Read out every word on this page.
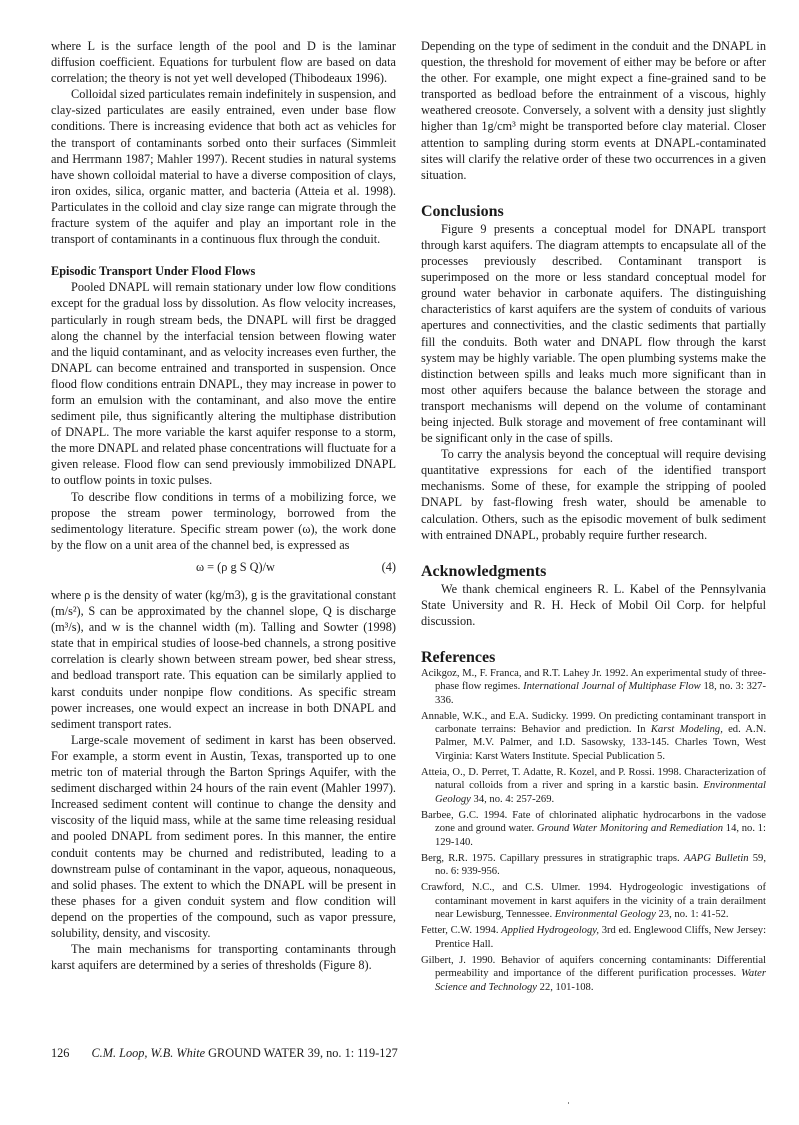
where L is the surface length of the pool and D is the laminar diffusion coefficient. Equations for turbulent flow are based on data correlation; the theory is not yet well developed (Thibodeaux 1996).

Colloidal sized particulates remain indefinitely in suspension, and clay-sized particulates are easily entrained, even under base flow conditions. There is increasing evidence that both act as vehicles for the transport of contaminants sorbed onto their surfaces (Simmleit and Herrmann 1987; Mahler 1997). Recent studies in natural systems have shown colloidal material to have a diverse composition of clays, iron oxides, silica, organic matter, and bacteria (Atteia et al. 1998). Particulates in the colloid and clay size range can migrate through the fracture system of the aquifer and play an important role in the transport of contaminants in a continuous flux through the conduit.

Episodic Transport Under Flood Flows

Pooled DNAPL will remain stationary under low flow conditions except for the gradual loss by dissolution. As flow velocity increases, particularly in rough stream beds, the DNAPL will first be dragged along the channel by the interfacial tension between flowing water and the liquid contaminant, and as velocity increases even further, the DNAPL can become entrained and transported in suspension. Once flood flow conditions entrain DNAPL, they may increase in power to form an emulsion with the contaminant, and also move the entire sediment pile, thus significantly altering the multiphase distribution of DNAPL. The more variable the karst aquifer response to a storm, the more DNAPL and related phase concentrations will fluctuate for a given release. Flood flow can send previously immobilized DNAPL to outflow points in toxic pulses.

To describe flow conditions in terms of a mobilizing force, we propose the stream power terminology, borrowed from the sedimentology literature. Specific stream power (ω), the work done by the flow on a unit area of the channel bed, is expressed as

ω = (ρ g S Q)/w	(4)

where ρ is the density of water (kg/m3), g is the gravitational constant (m/s²), S can be approximated by the channel slope, Q is discharge (m³/s), and w is the channel width (m). Talling and Sowter (1998) state that in empirical studies of loose-bed channels, a strong positive correlation is clearly shown between stream power, bed shear stress, and bedload transport rate. This equation can be similarly applied to karst conduits under nonpipe flow conditions. As specific stream power increases, one would expect an increase in both DNAPL and sediment transport rates.

Large-scale movement of sediment in karst has been observed. For example, a storm event in Austin, Texas, transported up to one metric ton of material through the Barton Springs Aquifer, with the sediment discharged within 24 hours of the rain event (Mahler 1997). Increased sediment content will continue to change the density and viscosity of the liquid mass, while at the same time releasing residual and pooled DNAPL from sediment pores. In this manner, the entire conduit contents may be churned and redistributed, leading to a downstream pulse of contaminant in the vapor, aqueous, nonaqueous, and solid phases. The extent to which the DNAPL will be present in these phases for a given conduit system and flow condition will depend on the properties of the compound, such as vapor pressure, solubility, density, and viscosity.

The main mechanisms for transporting contaminants through karst aquifers are determined by a series of thresholds (Figure 8).

Depending on the type of sediment in the conduit and the DNAPL in question, the threshold for movement of either may be before or after the other. For example, one might expect a fine-grained sand to be transported as bedload before the entrainment of a viscous, highly weathered creosote. Conversely, a solvent with a density just slightly higher than 1g/cm³ might be transported before clay material. Closer attention to sampling during storm events at DNAPL-contaminated sites will clarify the relative order of these two occurrences in a given situation.

Conclusions

Figure 9 presents a conceptual model for DNAPL transport through karst aquifers. The diagram attempts to encapsulate all of the processes previously described. Contaminant transport is superimposed on the more or less standard conceptual model for ground water behavior in carbonate aquifers. The distinguishing characteristics of karst aquifers are the system of conduits of various apertures and connectivities, and the clastic sediments that partially fill the conduits. Both water and DNAPL flow through the karst system may be highly variable. The open plumbing systems make the distinction between spills and leaks much more significant than in most other aquifers because the balance between the storage and transport mechanisms will depend on the volume of contaminant being injected. Bulk storage and movement of free contaminant will be significant only in the case of spills.

To carry the analysis beyond the conceptual will require devising quantitative expressions for each of the identified transport mechanisms. Some of these, for example the stripping of pooled DNAPL by fast-flowing fresh water, should be amenable to calculation. Others, such as the episodic movement of bulk sediment with entrained DNAPL, probably require further research.

Acknowledgments

We thank chemical engineers R. L. Kabel of the Pennsylvania State University and R. H. Heck of Mobil Oil Corp. for helpful discussion.

References
Acikgoz, M., F. Franca, and R.T. Lahey Jr. 1992. An experimental study of three-phase flow regimes. International Journal of Multiphase Flow 18, no. 3: 327-336.
Annable, W.K., and E.A. Sudicky. 1999. On predicting contaminant transport in carbonate terrains: Behavior and prediction. In Karst Modeling, ed. A.N. Palmer, M.V. Palmer, and I.D. Sasowsky, 133-145. Charles Town, West Virginia: Karst Waters Institute. Special Publication 5.
Atteia, O., D. Perret, T. Adatte, R. Kozel, and P. Rossi. 1998. Characterization of natural colloids from a river and spring in a karstic basin. Environmental Geology 34, no. 4: 257-269.
Barbee, G.C. 1994. Fate of chlorinated aliphatic hydrocarbons in the vadose zone and ground water. Ground Water Monitoring and Remediation 14, no. 1: 129-140.
Berg, R.R. 1975. Capillary pressures in stratigraphic traps. AAPG Bulletin 59, no. 6: 939-956.
Crawford, N.C., and C.S. Ulmer. 1994. Hydrogeologic investigations of contaminant movement in karst aquifers in the vicinity of a train derailment near Lewisburg, Tennessee. Environmental Geology 23, no. 1: 41-52.
Fetter, C.W. 1994. Applied Hydrogeology, 3rd ed. Englewood Cliffs, New Jersey: Prentice Hall.
Gilbert, J. 1990. Behavior of aquifers concerning contaminants: Differential permeability and importance of the different purification processes. Water Science and Technology 22, 101-108.
126 C.M. Loop, W.B. White GROUND WATER 39, no. 1: 119-127
